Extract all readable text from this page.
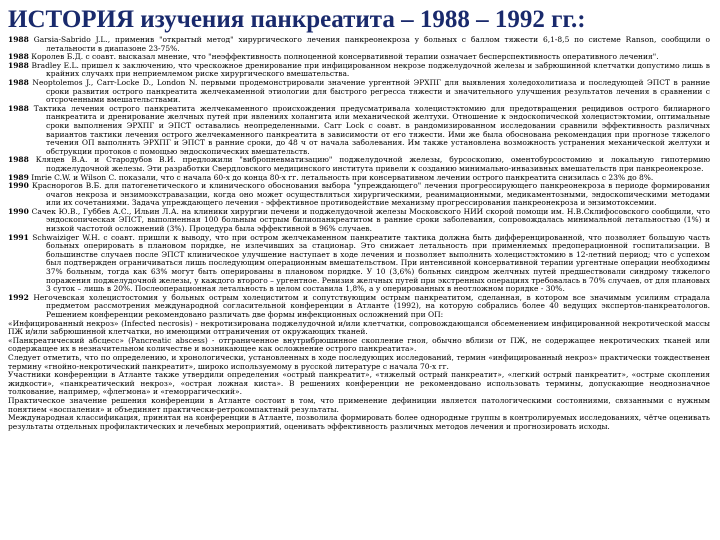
ИСТОРИЯ изучения панкреатита – 1988 – 1992 гг.:

1988 Garsia-Sabrido J.L., применив "открытый метод" хирургического лечения панкреонекроза у больных с баллом тяжести 6,1-8,5 по системе Ranson, сообщили о летальности в диапазоне 23-75%.

1988 Королев Б.Д. с соавт. высказал мнение, что "неэффективность полноценной консервативной терапии означает бесперспективность оперативного лечения".

1988 Bradley E.L. пришел к заключению, что чрескожное дренирование при инфицированном некрозе поджелудочной железы и забрюшинной клетчатки допустимо лишь в крайних случаях при неприемлемом риске хирургического вмешательства.

1988 Neoptolemos J., Carr-Locke D., London N. первыми продемонстрировали значение ургентной ЭРХПГ для выявления холедохолитиаза и последующей ЭПСТ в ранние сроки развития острого панкреатита желчекаменной этиологии для быстрого регресса тяжести и значительного улучшения результатов лечения в сравнении с отсроченными вмешательствами.

1988 Тактика лечения острого панкреатита желчекаменного происхождения предусматривала холецистэктомию для предотвращения рецидивов острого билиарного панкреатита и дренирование желчных путей при явлениях холангита или механической желтухи. Отношение к эндоскопической холецистэктомии, оптимальные сроки выполнения ЭРХПГ и ЭПСТ оставались неопределенными. Carr Lock с соавт. в рандомизированном исследовании сравнили эффективность различных вариантов тактики лечения острого желчекаменного панкреатита в зависимости от его тяжести. Ими же была обоснована рекомендация при прогнозе тяжелого течения ОП выполнять ЭРХПГ и ЭПСТ в ранние сроки, до 48 ч от начала заболевания. Им также установлена возможность устранения механической желтухи и обструкции протоков с помощью эндоскопических вмешательств.

1988 Кляцев В.А. и Стародубов В.И. предложили "вибропневматизацию" поджелудочной железы, бурсоскопию, оментобурсостомию и локальную гипотермию поджелудочной железы. Эти разработки Свердловского медицинского института привели к созданию минимально-инвазивных вмешательств при панкреонекрозе.

1989 Imrie C.W. и Wilson C. показали, что с начала 60-х до конца 80-х гг. летальность при консервативном лечении острого панкреатита снизилась с 23% до 8%.

1990 Краснорогов В.Б. для патогенетического и клинического обоснования выбора "упреждающего" лечения прогрессирующего панкреонекроза в периоде формирования очагов некроза и энзимоэкстравазации, когда оно может осуществляться хирургическими, реанимационными, медикаментозными, эндоскопическими методами или их сочетаниями. Задача упреждающего лечения - эффективное противодействие механизму прогрессирования панкреонекроза и энзимотоксемии.

1990 Сачек Ю.В., Губбев А.С., Ильин Л.А. на клиники хирургии печени и поджелудочной железы Московского НИИ скорой помощи им. Н.В.Склифосовского сообщили, что эндоскопическая ЭПСТ, выполненная 100 больным острым билиопанкреатитом в ранние сроки заболевания, сопровождалась минимальной летальностью (1%) и низкой частотой осложнений (3%). Процедура была эффективной в 96% случаев.

1991 Schwaiziger W.H. с соавт. пришли к выводу, что при остром желчекаменном панкреатите тактика должна быть дифференцированной, что позволяет большую часть больных оперировать в плановом порядке, не излечивших за стационар. Это снижает летальность при применяемых предоперационной госпитализации. В большинстве случаев после ЭПСТ клиническое улучшение наступает в ходе лечения и позволяет выполнить холецистэктомию в 12-летний период; что с успехом был подтвержден ограничиваться лишь последующим операционным вмешательством. При интенсивной консервативной терапии ургентные операции необходимы 37% больным, тогда как 63% могут быть оперированы в плановом порядке. У 10 (3,6%) больных синдром желчных путей предшествовали синдрому тяжелого поражения поджелудочной железы, у каждого второго – ургентное. Ревизия желчных путей при экстренных операциях требовалась в 70% случаев, от для плановых 3 суток – лишь в 20%. Послеоперационная летальность в целом составила 1,8%, а у оперированных в неотложном порядке - 30%.

1992 Негочевская холецистостомия у больных острым холециститом и сопутствующим острым панкреатитом, сделанная, в котором все значимым усилиям страдала предметом рассмотрения международной согласительной конференции в Атланте (1992), на которую собрались более 40 ведущих экспертов-панкреатологов. Решением конференции рекомендовано различать две формы инфекционных осложнений при ОП:

«Инфицированный некроз» (Infected necrosis) - некротизирована поджелудочной и/или клетчатки, сопровождающаяся обсеменением инфицированной некротической массы ПЖ и/или забрюшинной клетчатки, но имеющими отграничения от окружающих тканей.

«Панкреатический абсцесс» (Pancreatic abscess) - отграниченное внутрибрюшинное скопление гноя, обычно вблизи от ПЖ, не содержащее некротических тканей или содержащее их в незначительном количестве и возникающее как осложнение острого панкреатита».

Следует отметить, что по определению, и хронологически, установленных в ходе последующих исследований, термин «инфицированный некроз» практически тождественен термину «гнойно-некротический панкреатит», широко используемому в русской литературе с начала 70-х гг.

Участники конференции в Атланте также утвердили определения «острый панкреатит», «тяжелый острый панкреатит», «легкий острый панкреатит», «острые скопления жидкости», «панкреатический некроз», «острая ложная киста». В решениях конференции не рекомендовано использовать термины, допускающие неоднозначное толкование, например, «флегмона» и «геморрагический».

Практическое значение решения конференции в Атланте состоит в том, что применение дефиниции является патологическими состояниями, связанными с нужным понятием «воспаления» и объединяет практически-ретрокомпактный результаты.

Международная классификация, принятая на конференции в Атланте, позволила формировать более однородные группы в контролируемых исследованиях, чётче оценивать результаты отдельных профилактических и лечебных мероприятий, оценивать эффективность различных методов лечения и прогнозировать исходы.
